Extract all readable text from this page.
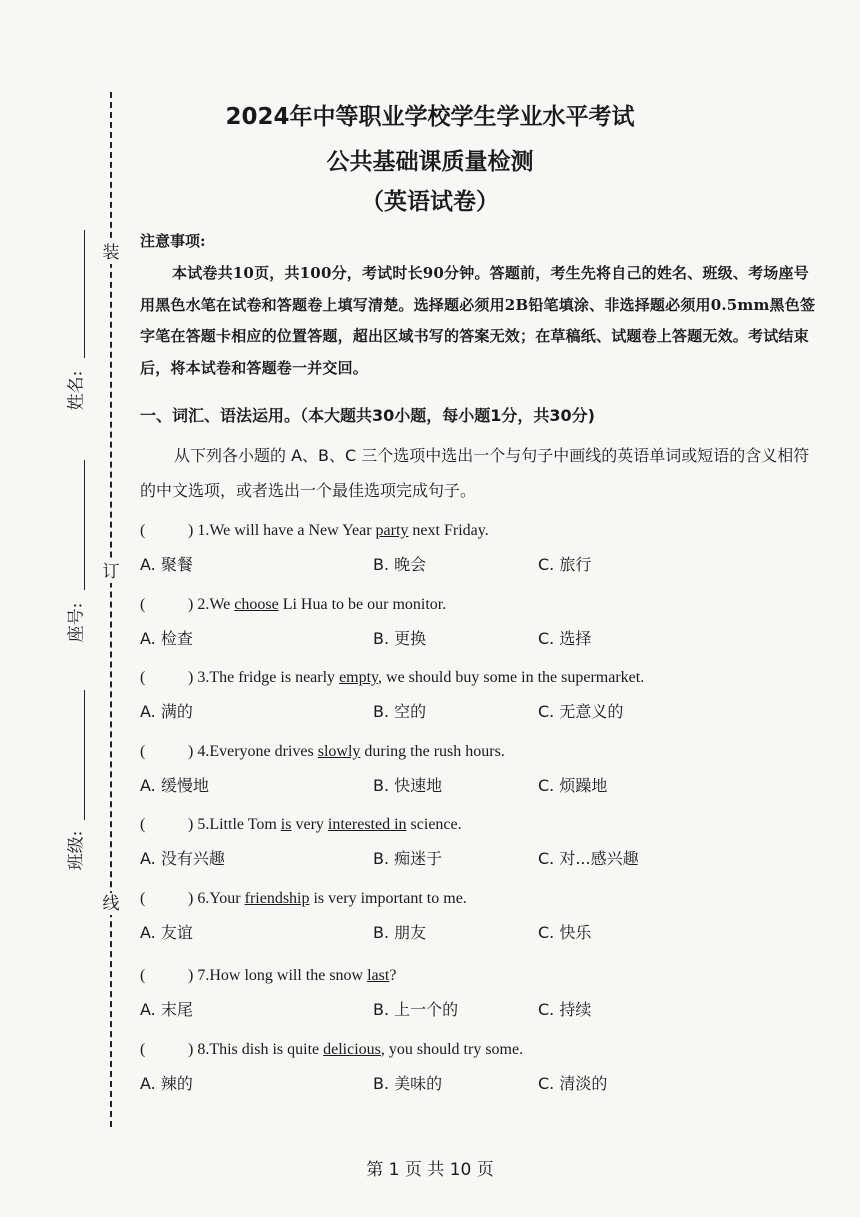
装
订
线
姓名:
座号:
班级:
2024年中等职业学校学生学业水平考试
公共基础课质量检测
（英语试卷）
注意事项:
本试卷共10页，共100分，考试时长90分钟。答题前，考生先将自己的姓名、班级、考场座号用黑色水笔在试卷和答题卷上填写清楚。选择题必须用2B铅笔填涂、非选择题必须用0.5mm黑色签字笔在答题卡相应的位置答题，超出区域书写的答案无效；在草稿纸、试题卷上答题无效。考试结束后，将本试卷和答题卷一并交回。
一、词汇、语法运用。（本大题共30小题，每小题1分，共30分)
从下列各小题的 A、B、C 三个选项中选出一个与句子中画线的英语单词或短语的含义相符的中文选项，或者选出一个最佳选项完成句子。
(	) 1.We will have a New Year party next Friday.
A. 聚餐	B. 晚会	C. 旅行
(	) 2.We choose Li Hua to be our monitor.
A. 检查	B. 更换	C. 选择
(	) 3.The fridge is nearly empty, we should buy some in the supermarket.
A. 满的	B. 空的	C. 无意义的
(	) 4.Everyone drives slowly during the rush hours.
A. 缓慢地	B. 快速地	C. 烦躁地
(	) 5.Little Tom is very interested in science.
A. 没有兴趣	B. 痴迷于	C. 对...感兴趣
(	) 6.Your friendship is very important to me.
A. 友谊	B. 朋友	C. 快乐
(	) 7.How long will the snow last?
A. 末尾	B. 上一个的	C. 持续
(	) 8.This dish is quite delicious, you should try some.
A. 辣的	B. 美味的	C. 清淡的
第 1 页 共 10 页
